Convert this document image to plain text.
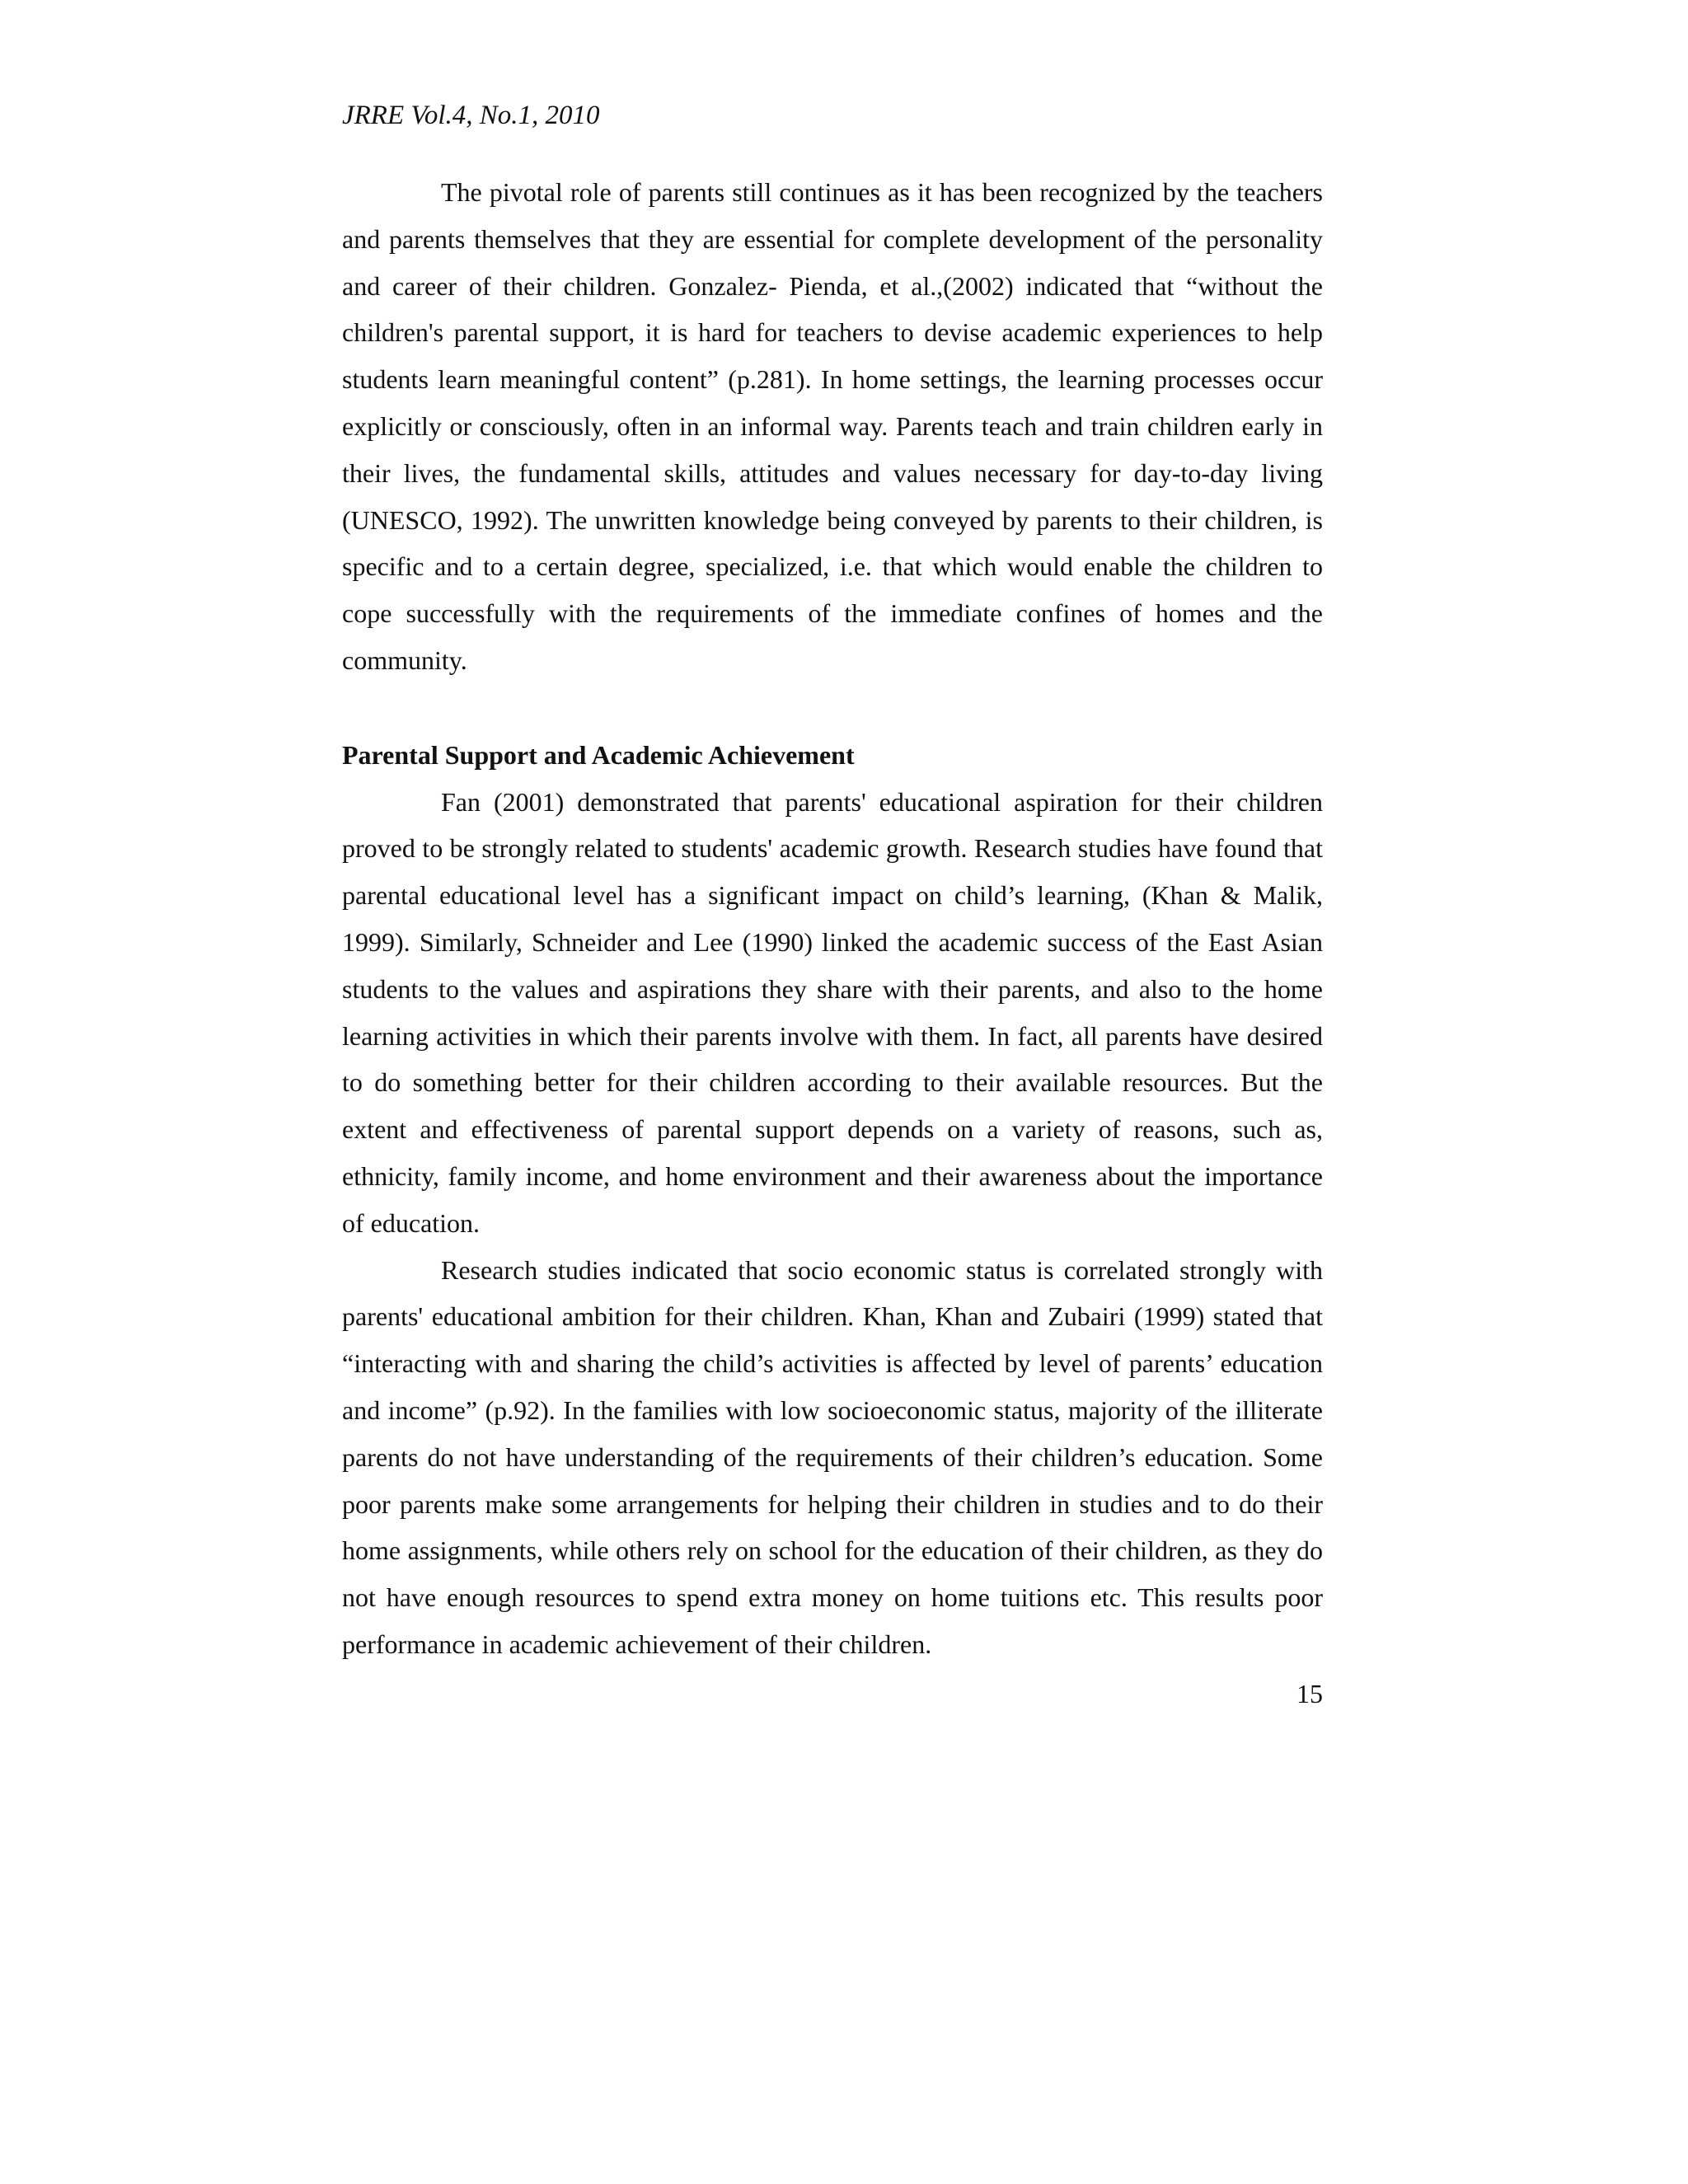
JRRE Vol.4, No.1, 2010

The pivotal role of parents still continues as it has been recognized by the teachers and parents themselves that they are essential for complete development of the personality and career of their children. Gonzalez- Pienda, et al.,(2002) indicated that “without the children's parental support, it is hard for teachers to devise academic experiences to help students learn meaningful content” (p.281). In home settings, the learning processes occur explicitly or consciously, often in an informal way. Parents teach and train children early in their lives, the fundamental skills, attitudes and values necessary for day-to-day living (UNESCO, 1992). The unwritten knowledge being conveyed by parents to their children, is specific and to a certain degree, specialized, i.e. that which would enable the children to cope successfully with the requirements of the immediate confines of homes and the community.

Parental Support and Academic Achievement

Fan (2001) demonstrated that parents' educational aspiration for their children proved to be strongly related to students' academic growth. Research studies have found that parental educational level has a significant impact on child’s learning, (Khan & Malik, 1999). Similarly, Schneider and Lee (1990) linked the academic success of the East Asian students to the values and aspirations they share with their parents, and also to the home learning activities in which their parents involve with them. In fact, all parents have desired to do something better for their children according to their available resources. But the extent and effectiveness of parental support depends on a variety of reasons, such as, ethnicity, family income, and home environment and their awareness about the importance of education.

Research studies indicated that socio economic status is correlated strongly with parents' educational ambition for their children. Khan, Khan and Zubairi (1999) stated that “interacting with and sharing the child’s activities is affected by level of parents’ education and income” (p.92). In the families with low socioeconomic status, majority of the illiterate parents do not have understanding of the requirements of their children’s education. Some poor parents make some arrangements for helping their children in studies and to do their home assignments, while others rely on school for the education of their children, as they do not have enough resources to spend extra money on home tuitions etc. This results poor performance in academic achievement of their children.

15
